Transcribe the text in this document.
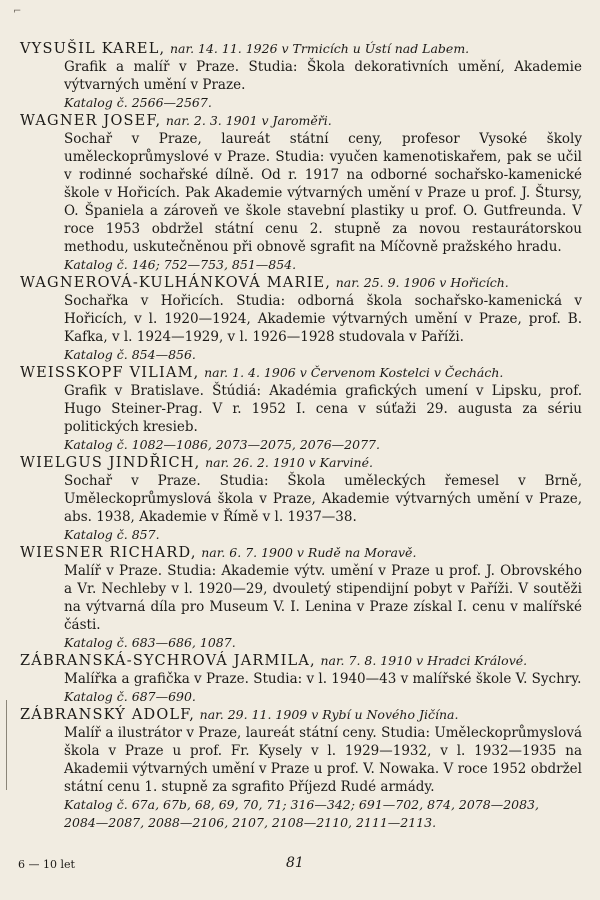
⌐
VYSUŠIL KAREL, nar. 14. 11. 1926 v Trmicích u Ústí nad Labem.
Grafik a malíř v Praze. Studia: Škola dekorativních umění, Akademie výtvarných umění v Praze.
Katalog č. 2566—2567.
WAGNER JOSEF, nar. 2. 3. 1901 v Jaroměři.
Sochař v Praze, laureát státní ceny, profesor Vysoké školy uměleckoprůmyslové v Praze. Studia: vyučen kamenotiskařem, pak se učil v rodinné sochařské dílně. Od r. 1917 na odborné sochařsko-kamenické škole v Hořicích. Pak Akademie výtvarných umění v Praze u prof. J. Štursy, O. Španiela a zároveň ve škole stavební plastiky u prof. O. Gutfreunda. V roce 1953 obdržel státní cenu 2. stupně za novou restaurátorskou methodu, uskutečněnou při obnově sgrafit na Míčovně pražského hradu.
Katalog č. 146; 752—753, 851—854.
WAGNEROVÁ-KULHÁNKOVÁ MARIE, nar. 25. 9. 1906 v Hořicích.
Sochařka v Hořicích. Studia: odborná škola sochařsko-kamenická v Hořicích, v l. 1920—1924, Akademie výtvarných umění v Praze, prof. B. Kafka, v l. 1924—1929, v l. 1926—1928 studovala v Paříži.
Katalog č. 854—856.
WEISSKOPF VILIAM, nar. 1. 4. 1906 v Červenom Kostelci v Čechách.
Grafik v Bratislave. Štúdiá: Akadémia grafických umení v Lipsku, prof. Hugo Steiner-Prag. V r. 1952 I. cena v súťaži 29. augusta za sériu politických kresieb.
Katalog č. 1082—1086, 2073—2075, 2076—2077.
WIELGUS JINDŘICH, nar. 26. 2. 1910 v Karviné.
Sochař v Praze. Studia: Škola uměleckých řemesel v Brně, Uměleckoprůmyslová škola v Praze, Akademie výtvarných umění v Praze, abs. 1938, Akademie v Římě v l. 1937—38.
Katalog č. 857.
WIESNER RICHARD, nar. 6. 7. 1900 v Rudě na Moravě.
Malíř v Praze. Studia: Akademie výtv. umění v Praze u prof. J. Obrovského a Vr. Nechleby v l. 1920—29, dvouletý stipendijní pobyt v Paříži. V soutěži na výtvarná díla pro Museum V. I. Lenina v Praze získal I. cenu v malířské části.
Katalog č. 683—686, 1087.
ZÁBRANSKÁ-SYCHROVÁ JARMILA, nar. 7. 8. 1910 v Hradci Králové.
Malířka a grafička v Praze. Studia: v l. 1940—43 v malířské škole V. Sychry.
Katalog č. 687—690.
ZÁBRANSKÝ ADOLF, nar. 29. 11. 1909 v Rybí u Nového Jičína.
Malíř a ilustrátor v Praze, laureát státní ceny. Studia: Uměleckoprůmyslová škola v Praze u prof. Fr. Kysely v l. 1929—1932, v l. 1932—1935 na Akademii výtvarných umění v Praze u prof. V. Nowaka. V roce 1952 obdržel státní cenu 1. stupně za sgrafito Příjezd Rudé armády.
Katalog č. 67a, 67b, 68, 69, 70, 71; 316—342; 691—702, 874, 2078—2083,
2084—2087, 2088—2106, 2107, 2108—2110, 2111—2113.
6 — 10 let	81
